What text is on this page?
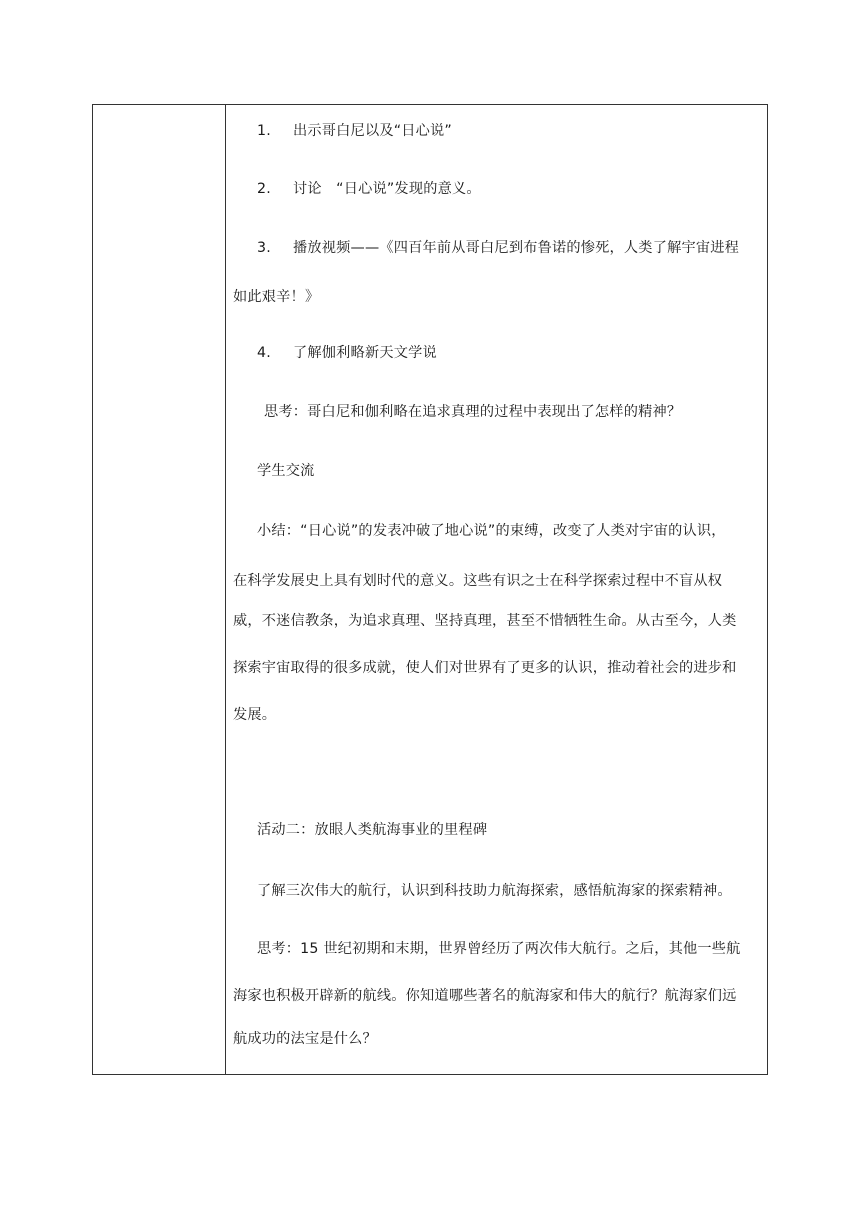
1.	出示哥白尼以及“日心说”
2.	讨论　“日心说”发现的意义。
3.	播放视频——《四百年前从哥白尼到布鲁诺的惨死，人类了解宇宙进程
如此艰辛！》
4.	了解伽利略新天文学说
思考：哥白尼和伽利略在追求真理的过程中表现出了怎样的精神？
学生交流
小结：“日心说”的发表冲破了地心说”的束缚，改变了人类对宇宙的认识，
在科学发展史上具有划时代的意义。这些有识之士在科学探索过程中不盲从权
威，不迷信教条，为追求真理、坚持真理，甚至不惜牺牲生命。从古至今，人类
探索宇宙取得的很多成就，使人们对世界有了更多的认识，推动着社会的进步和
发展。
活动二：放眼人类航海事业的里程碑
了解三次伟大的航行，认识到科技助力航海探索，感悟航海家的探索精神。
思考：15 世纪初期和末期，世界曾经历了两次伟大航行。之后，其他一些航
海家也积极开辟新的航线。你知道哪些著名的航海家和伟大的航行？航海家们远
航成功的法宝是什么？
